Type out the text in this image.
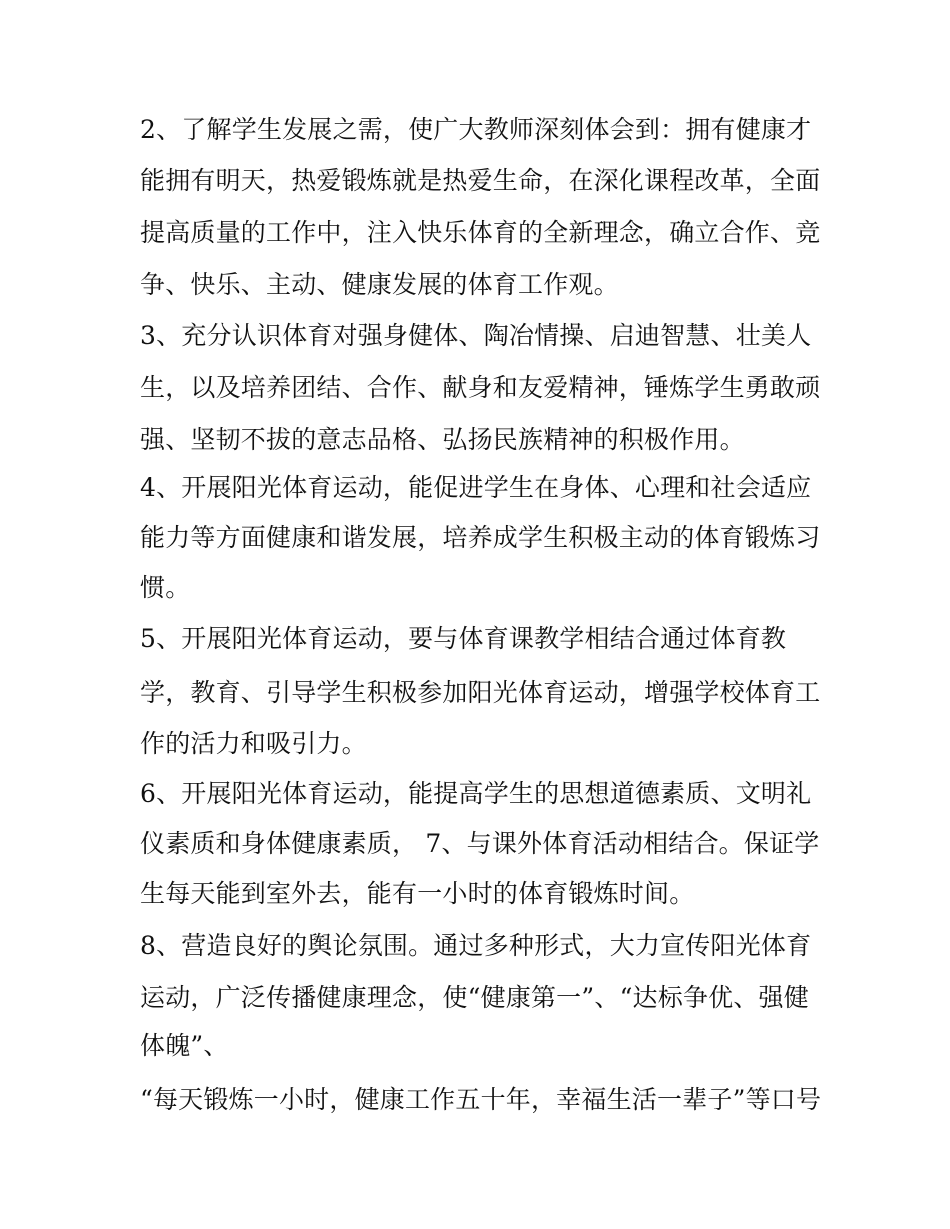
2、了解学生发展之需，使广大教师深刻体会到：拥有健康才
能拥有明天，热爱锻炼就是热爱生命，在深化课程改革，全面
提高质量的工作中，注入快乐体育的全新理念，确立合作、竞
争、快乐、主动、健康发展的体育工作观。
3、充分认识体育对强身健体、陶冶情操、启迪智慧、壮美人
生，以及培养团结、合作、献身和友爱精神，锤炼学生勇敢顽
强、坚韧不拔的意志品格、弘扬民族精神的积极作用。
4、开展阳光体育运动，能促进学生在身体、心理和社会适应
能力等方面健康和谐发展，培养成学生积极主动的体育锻炼习
惯。
5、开展阳光体育运动，要与体育课教学相结合通过体育教
学，教育、引导学生积极参加阳光体育运动，增强学校体育工
作的活力和吸引力。
6、开展阳光体育运动，能提高学生的思想道德素质、文明礼
仪素质和身体健康素质， 7、与课外体育活动相结合。保证学
生每天能到室外去，能有一小时的体育锻炼时间。
8、营造良好的舆论氛围。通过多种形式，大力宣传阳光体育
运动，广泛传播健康理念，使“健康第一”、“达标争优、强健
体魄”、
“每天锻炼一小时，健康工作五十年，幸福生活一辈子”等口号
